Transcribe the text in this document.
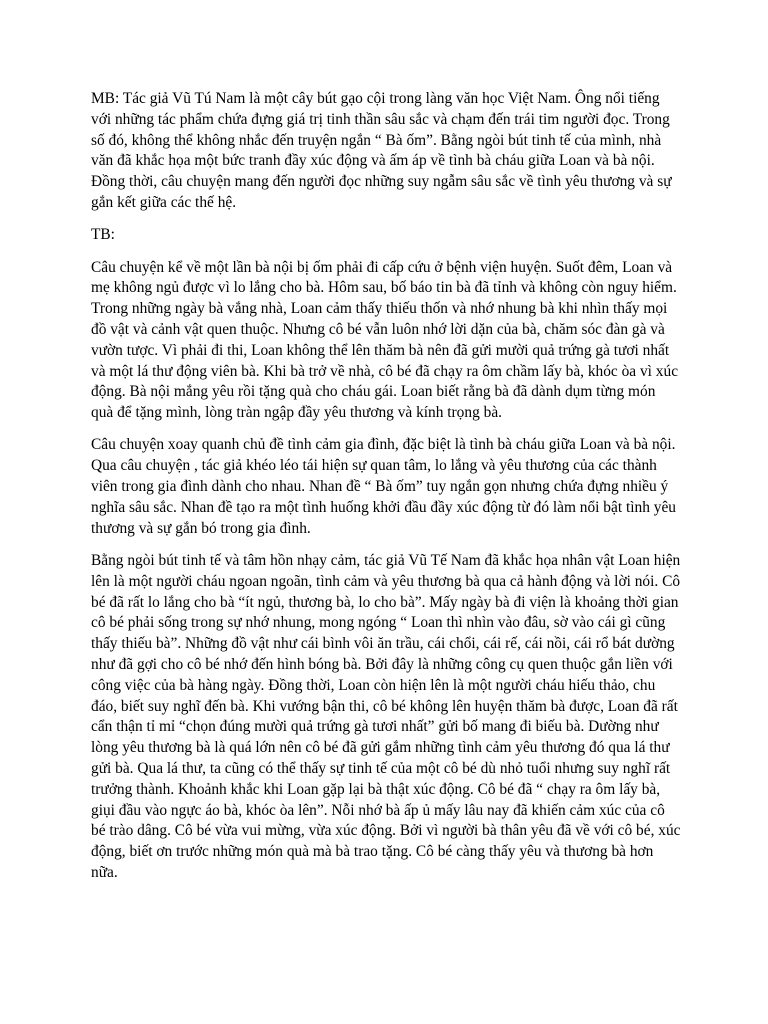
MB: Tác giả Vũ Tú Nam là một cây bút gạo cội trong làng văn học Việt Nam. Ông nổi tiếng với những tác phẩm chứa đựng giá trị tinh thần sâu sắc và chạm đến trái tim người đọc. Trong số đó, không thể không nhắc đến truyện ngắn “ Bà ốm”. Bằng ngòi bút tinh tế của mình, nhà văn đã khắc họa một bức tranh đầy xúc động và ấm áp về tình bà cháu giữa Loan và bà nội. Đồng thời, câu chuyện mang đến người đọc những suy ngẫm sâu sắc về tình yêu thương và sự gắn kết giữa các thế hệ.

TB:

Câu chuyện kể về một lần bà nội bị ốm phải đi cấp cứu ở bệnh viện huyện. Suốt đêm, Loan và mẹ không ngủ được vì lo lắng cho bà. Hôm sau, bố báo tin bà đã tỉnh và không còn nguy hiểm. Trong những ngày bà vắng nhà, Loan cảm thấy thiếu thốn và nhớ nhung bà khi nhìn thấy mọi đồ vật và cảnh vật quen thuộc. Nhưng cô bé vẫn luôn nhớ lời dặn của bà, chăm sóc đàn gà và vườn tược. Vì phải đi thi, Loan không thể lên thăm bà nên đã gửi mười quả trứng gà tươi nhất và một lá thư động viên bà. Khi bà trở về nhà, cô bé đã chạy ra ôm chầm lấy bà, khóc òa vì xúc động. Bà nội mắng yêu rồi tặng quà cho cháu gái. Loan biết rằng bà đã dành dụm từng món quà để tặng mình, lòng tràn ngập đầy yêu thương và kính trọng bà.

Câu chuyện xoay quanh chủ đề tình cảm gia đình, đặc biệt là tình bà cháu giữa Loan và bà nội. Qua câu chuyện , tác giả khéo léo tái hiện sự quan tâm, lo lắng và yêu thương của các thành viên trong gia đình dành cho nhau. Nhan đề “ Bà ốm” tuy ngắn gọn nhưng chứa đựng nhiều ý nghĩa sâu sắc. Nhan đề tạo ra một tình huống khởi đầu đầy xúc động từ đó làm nổi bật tình yêu thương và sự gắn bó trong gia đình.

Bằng ngòi bút tinh tế và tâm hồn nhạy cảm, tác giả Vũ Tế Nam đã khắc họa nhân vật Loan hiện lên là một người cháu ngoan ngoãn, tình cảm và yêu thương bà qua cả hành động và lời nói. Cô bé đã rất lo lắng cho bà “ít ngủ, thương bà, lo cho bà”. Mấy ngày bà đi viện là khoảng thời gian cô bé phải sống trong sự nhớ nhung, mong ngóng “ Loan thì nhìn vào đâu, sờ vào cái gì cũng thấy thiếu bà”. Những đồ vật như cái bình vôi ăn trầu, cái chổi, cái rế, cái nồi, cái rổ bát dường như đã gợi cho cô bé nhớ đến hình bóng bà. Bởi đây là những công cụ quen thuộc gắn liền với công việc của bà hàng ngày. Đồng thời, Loan còn hiện lên là một người cháu hiếu thảo, chu đáo, biết suy nghĩ đến bà. Khi vướng bận thi, cô bé không lên huyện thăm bà được, Loan đã rất cẩn thận tỉ mỉ “chọn đúng mười quả trứng gà tươi nhất” gửi bố mang đi biếu bà. Dường như lòng yêu thương bà là quá lớn nên cô bé đã gửi gắm những tình cảm yêu thương đó qua lá thư gửi bà. Qua lá thư, ta cũng có thể thấy sự tinh tế của một cô bé dù nhỏ tuổi nhưng suy nghĩ rất trưởng thành. Khoảnh khắc khi Loan gặp lại bà thật xúc động. Cô bé đã “ chạy ra ôm lấy bà, giụi đầu vào ngực áo bà, khóc òa lên”. Nỗi nhớ bà ấp ủ mấy lâu nay đã khiến cảm xúc của cô bé trào dâng. Cô bé vừa vui mừng, vừa xúc động. Bởi vì người bà thân yêu đã về với cô bé, xúc động, biết ơn trước những món quà mà bà trao tặng. Cô bé càng thấy yêu và thương bà hơn nữa.
